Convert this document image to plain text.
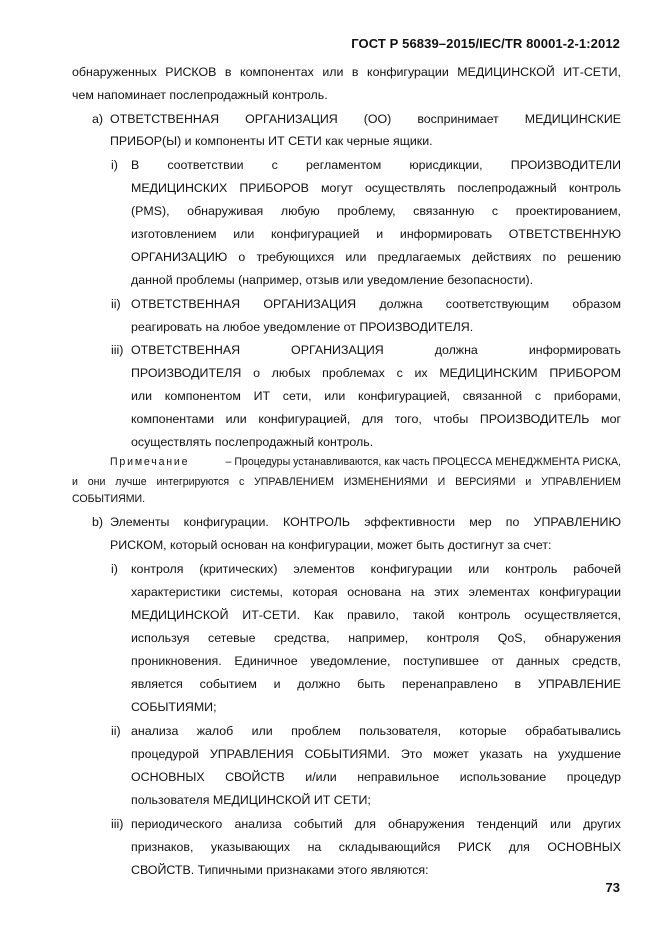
ГОСТ Р 56839–2015/IEC/TR 80001-2-1:2012
обнаруженных РИСКОВ в компонентах или в конфигурации МЕДИЦИНСКОЙ ИТ-СЕТИ,
чем напоминает послепродажный контроль.
a) ОТВЕТСТВЕННАЯ ОРГАНИЗАЦИЯ (ОО) воспринимает МЕДИЦИНСКИЕ
ПРИБОР(Ы) и компоненты ИТ СЕТИ как черные ящики.
i) В соответствии с регламентом юрисдикции, ПРОИЗВОДИТЕЛИ
МЕДИЦИНСКИХ ПРИБОРОВ могут осуществлять послепродажный контроль
(PMS), обнаруживая любую проблему, связанную с проектированием,
изготовлением или конфигурацией и информировать ОТВЕТСТВЕННУЮ
ОРГАНИЗАЦИЮ о требующихся или предлагаемых действиях по решению
данной проблемы (например, отзыв или уведомление безопасности).
ii) ОТВЕТСТВЕННАЯ ОРГАНИЗАЦИЯ должна соответствующим образом
реагировать на любое уведомление от ПРОИЗВОДИТЕЛЯ.
iii) ОТВЕТСТВЕННАЯ ОРГАНИЗАЦИЯ должна информировать
ПРОИЗВОДИТЕЛЯ о любых проблемах с их МЕДИЦИНСКИМ ПРИБОРОМ
или компонентом ИТ сети, или конфигурацией, связанной с приборами,
компонентами или конфигурацией, для того, чтобы ПРОИЗВОДИТЕЛЬ мог
осуществлять послепродажный контроль.
Примечание	– Процедуры устанавливаются, как часть ПРОЦЕССА МЕНЕДЖМЕНТА РИСКА,
и они лучше интегрируются с УПРАВЛЕНИЕМ ИЗМЕНЕНИЯМИ И ВЕРСИЯМИ и УПРАВЛЕНИЕМ
СОБЫТИЯМИ.
b) Элементы конфигурации. КОНТРОЛЬ эффективности мер по УПРАВЛЕНИЮ
РИСКОМ, который основан на конфигурации, может быть достигнут за счет:
i) контроля (критических) элементов конфигурации или контроль рабочей
характеристики системы, которая основана на этих элементах конфигурации
МЕДИЦИНСКОЙ ИТ-СЕТИ. Как правило, такой контроль осуществляется,
используя сетевые средства, например, контроля QoS, обнаружения
проникновения. Единичное уведомление, поступившее от данных средств,
является событием и должно быть перенаправлено в УПРАВЛЕНИЕ
СОБЫТИЯМИ;
ii) анализа жалоб или проблем пользователя, которые обрабатывались
процедурой УПРАВЛЕНИЯ СОБЫТИЯМИ. Это может указать на ухудшение
ОСНОВНЫХ СВОЙСТВ и/или неправильное использование процедур
пользователя МЕДИЦИНСКОЙ ИТ СЕТИ;
iii) периодического анализа событий для обнаружения тенденций или других
признаков, указывающих на складывающийся РИСК для ОСНОВНЫХ
СВОЙСТВ. Типичными признаками этого являются:
73
